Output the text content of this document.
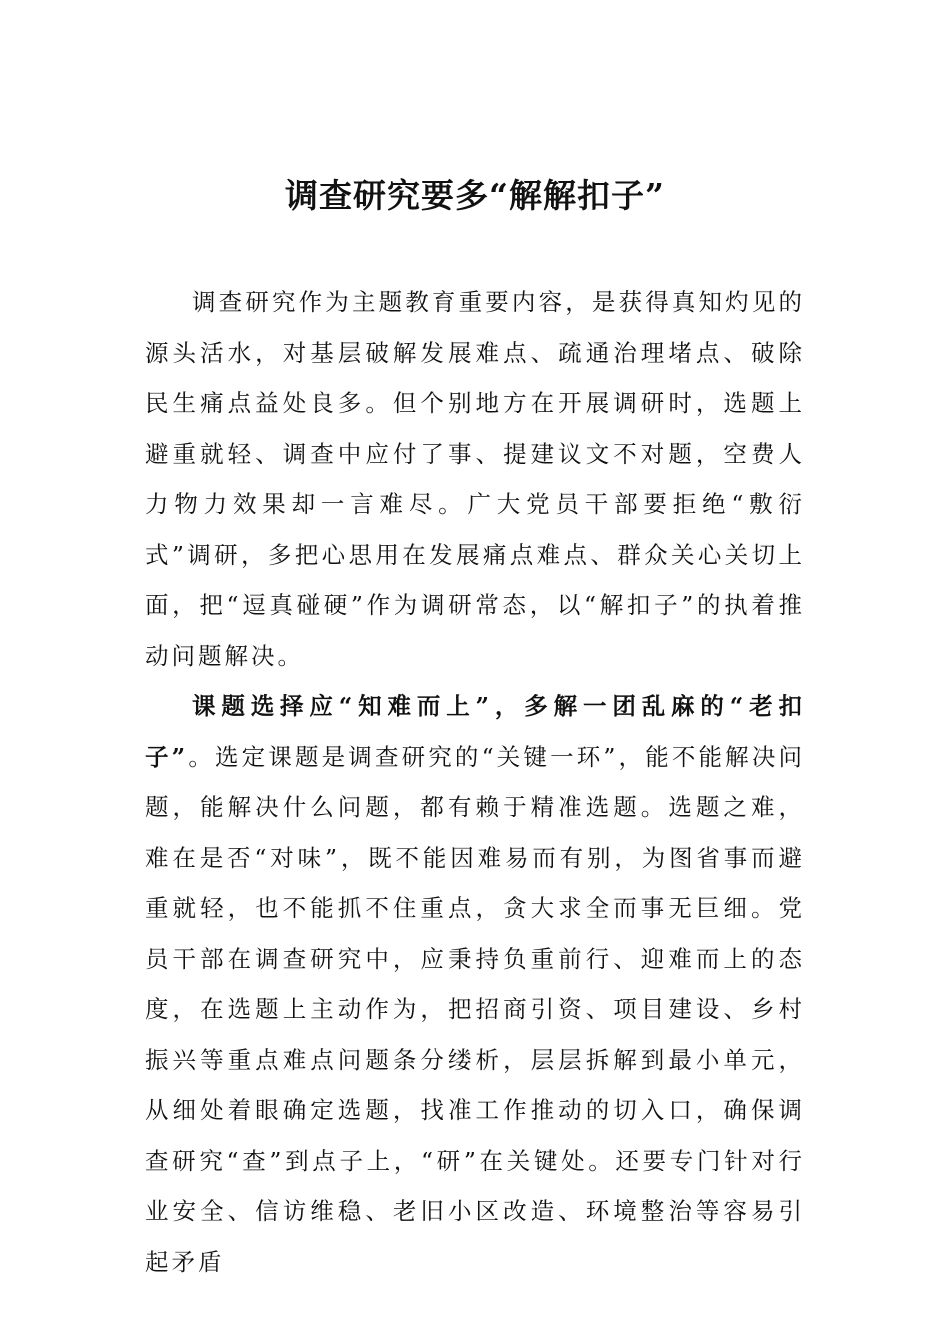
调查研究要多“解解扣子”

调查研究作为主题教育重要内容，是获得真知灼见的源头活水，对基层破解发展难点、疏通治理堵点、破除民生痛点益处良多。但个别地方在开展调研时，选题上避重就轻、调查中应付了事、提建议文不对题，空费人力物力效果却一言难尽。广大党员干部要拒绝“敷衍式”调研，多把心思用在发展痛点难点、群众关心关切上面，把“逗真碰硬”作为调研常态，以“解扣子”的执着推动问题解决。

课题选择应“知难而上”，多解一团乱麻的“老扣子”。选定课题是调查研究的“关键一环”，能不能解决问题，能解决什么问题，都有赖于精准选题。选题之难，难在是否“对味”，既不能因难易而有别，为图省事而避重就轻，也不能抓不住重点，贪大求全而事无巨细。党员干部在调查研究中，应秉持负重前行、迎难而上的态度，在选题上主动作为，把招商引资、项目建设、乡村振兴等重点难点问题条分缕析，层层拆解到最小单元，从细处着眼确定选题，找准工作推动的切入口，确保调查研究“查”到点子上，“研”在关键处。还要专门针对行业安全、信访维稳、老旧小区改造、环境整治等容易引起矛盾
